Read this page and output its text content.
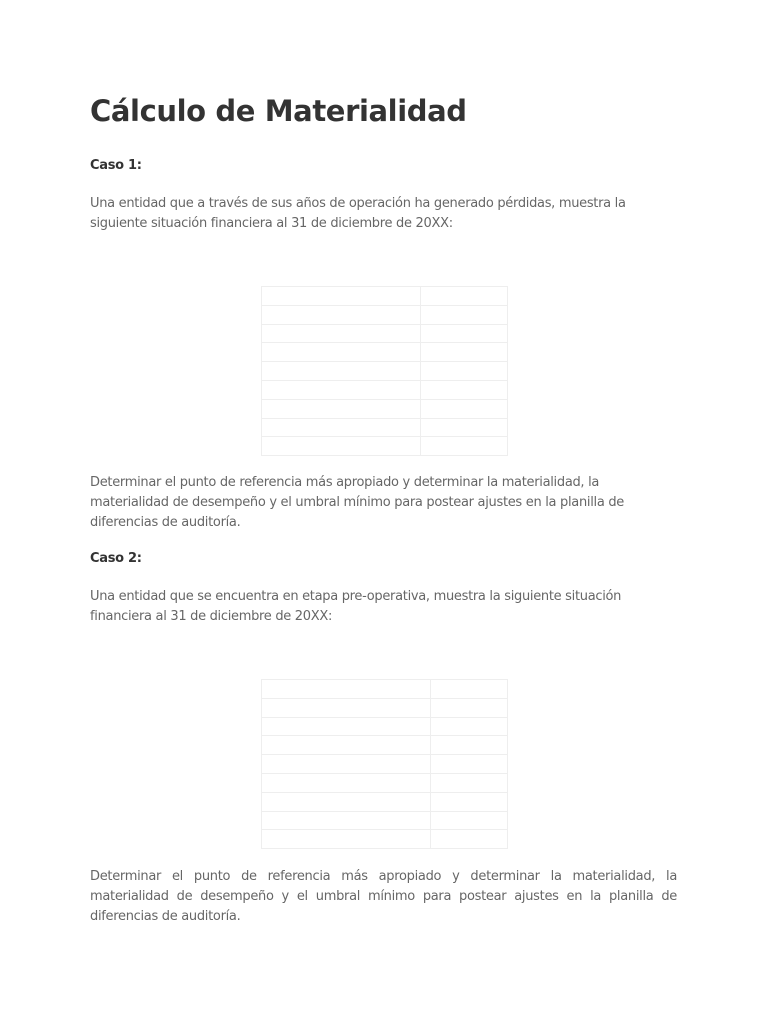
Cálculo de Materialidad

Caso 1:

Una entidad que a través de sus años de operación ha generado pérdidas, muestra la
siguiente situación financiera al 31 de diciembre de 20XX:

Determinar el punto de referencia más apropiado y determinar la materialidad, la
materialidad de desempeño y el umbral mínimo para postear ajustes en la planilla de
diferencias de auditoría.

Caso 2:

Una entidad que se encuentra en etapa pre-operativa, muestra la siguiente situación
financiera al 31 de diciembre de 20XX:

Determinar el punto de referencia más apropiado y determinar la materialidad, la
materialidad de desempeño y el umbral mínimo para postear ajustes en la planilla de
diferencias de auditoría.
